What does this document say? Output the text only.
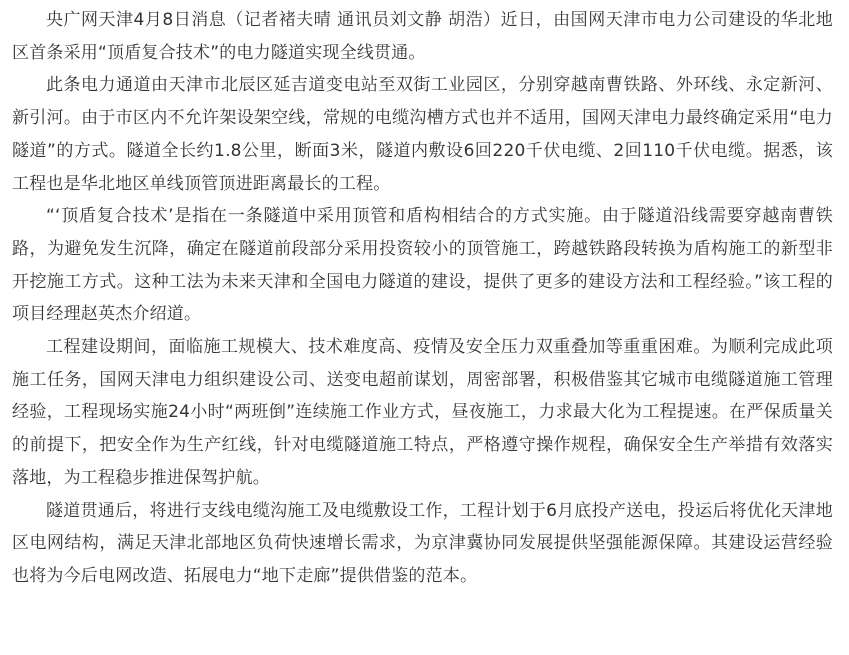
央广网天津4月8日消息（记者褚夫晴 通讯员刘文静 胡浩）近日，由国网天津市电力公司建设的华北地区首条采用“顶盾复合技术”的电力隧道实现全线贯通。

此条电力通道由天津市北辰区延吉道变电站至双街工业园区，分别穿越南曹铁路、外环线、永定新河、新引河。由于市区内不允许架设架空线，常规的电缆沟槽方式也并不适用，国网天津电力最终确定采用“电力隧道”的方式。隧道全长约1.8公里，断面3米，隧道内敷设6回220千伏电缆、2回110千伏电缆。据悉，该工程也是华北地区单线顶管顶进距离最长的工程。

“‘顶盾复合技术’是指在一条隧道中采用顶管和盾构相结合的方式实施。由于隧道沿线需要穿越南曹铁路，为避免发生沉降，确定在隧道前段部分采用投资较小的顶管施工，跨越铁路段转换为盾构施工的新型非开挖施工方式。这种工法为未来天津和全国电力隧道的建设，提供了更多的建设方法和工程经验。”该工程的项目经理赵英杰介绍道。

工程建设期间，面临施工规模大、技术难度高、疫情及安全压力双重叠加等重重困难。为顺利完成此项施工任务，国网天津电力组织建设公司、送变电超前谋划，周密部署，积极借鉴其它城市电缆隧道施工管理经验，工程现场实施24小时“两班倒”连续施工作业方式，昼夜施工，力求最大化为工程提速。在严保质量关的前提下，把安全作为生产红线，针对电缆隧道施工特点，严格遵守操作规程，确保安全生产举措有效落实落地，为工程稳步推进保驾护航。

隧道贯通后，将进行支线电缆沟施工及电缆敷设工作，工程计划于6月底投产送电，投运后将优化天津地区电网结构，满足天津北部地区负荷快速增长需求，为京津冀协同发展提供坚强能源保障。其建设运营经验也将为今后电网改造、拓展电力“地下走廊”提供借鉴的范本。
